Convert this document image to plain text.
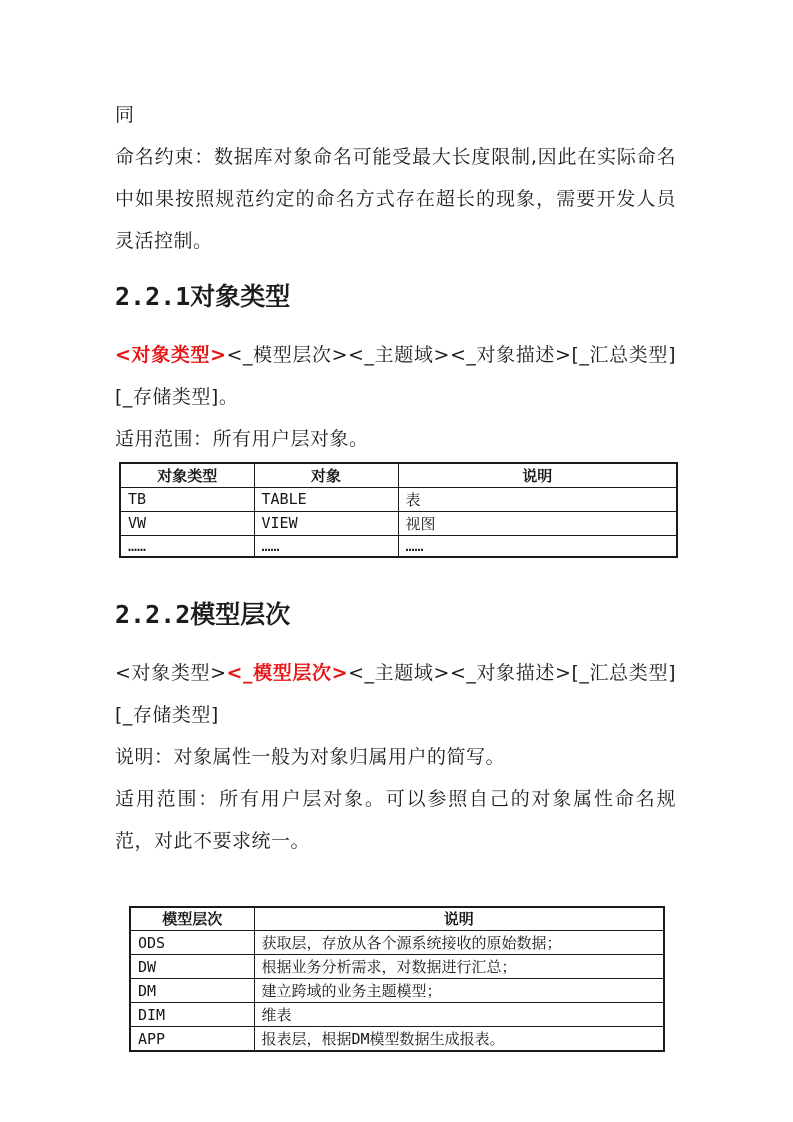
同

命名约束：数据库对象命名可能受最大长度限制,因此在实际命名中如果按照规范约定的命名方式存在超长的现象，需要开发人员灵活控制。

2.2.1对象类型

<对象类型><_模型层次><_主题域><_对象描述>[_汇总类型][_存储类型]。

适用范围：所有用户层对象。

对象类型	对象	说明
TB	TABLE	表
VW	VIEW	视图
……	……	……
2.2.2模型层次

<对象类型><_模型层次><_主题域><_对象描述>[_汇总类型][_存储类型]

说明：对象属性一般为对象归属用户的简写。

适用范围：所有用户层对象。可以参照自己的对象属性命名规范，对此不要求统一。

模型层次	说明
ODS	获取层，存放从各个源系统接收的原始数据；
DW	根据业务分析需求，对数据进行汇总；
DM	建立跨域的业务主题模型；
DIM	维表
APP	报表层，根据DM模型数据生成报表。
